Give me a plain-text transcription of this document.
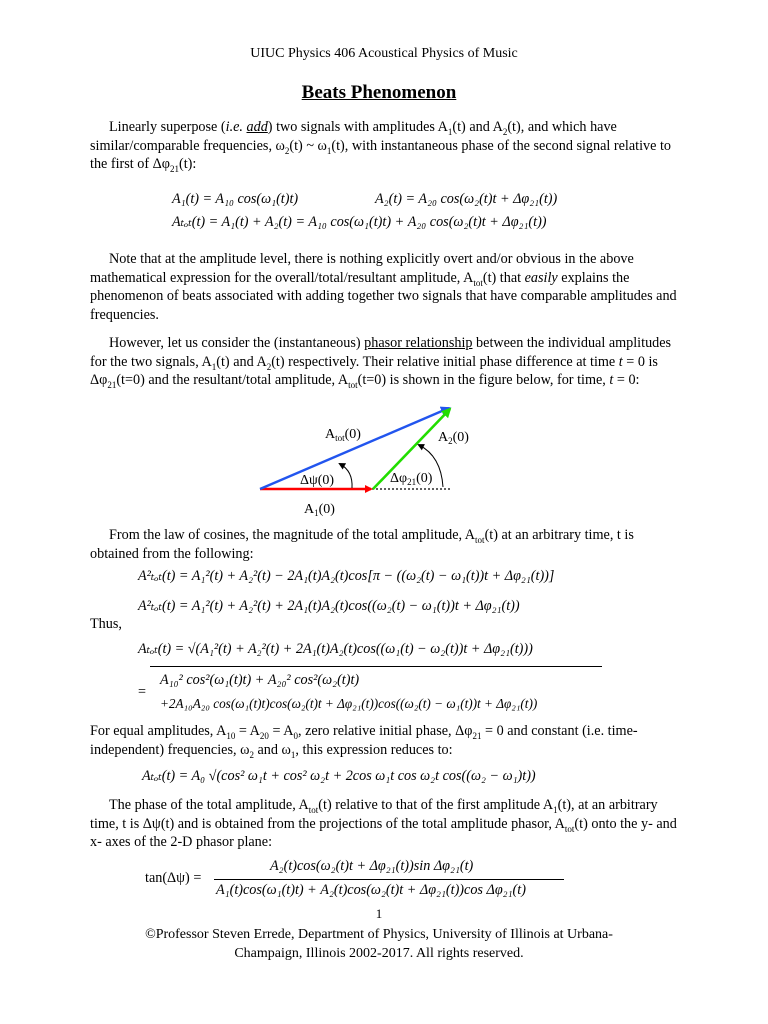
UIUC Physics 406 Acoustical Physics of Music
Beats Phenomenon
Linearly superpose (i.e. add) two signals with amplitudes $A_1(t)$ and $A_2(t)$, and which have similar/comparable frequencies, $\omega_2(t)$ ~ $\omega_1(t)$, with instantaneous phase of the second signal relative to the first of $\Delta\varphi_{21}(t)$:
A₁(t) = A₁₀ cos(ω₁(t)t)	A₂(t) = A₂₀ cos(ω₂(t)t + Δφ₂₁(t))
Aₜₒₜ(t) = A₁(t) + A₂(t) = A₁₀ cos(ω₁(t)t) + A₂₀ cos(ω₂(t)t + Δφ₂₁(t))
Note that at the amplitude level, there is nothing explicitly overt and/or obvious in the above mathematical expression for the overall/total/resultant amplitude, $A_{tot}(t)$ that easily explains the phenomenon of beats associated with adding together two signals that have comparable amplitudes and frequencies.
However, let us consider the (instantaneous) phasor relationship between the individual amplitudes for the two signals, $A_1(t)$ and $A_2(t)$ respectively. Their relative initial phase difference at time t = 0 is $\Delta\varphi_{21}(t=0)$ and the resultant/total amplitude, $A_{tot}(t=0)$ is shown in the figure below, for time, t = 0:
$A_{tot}(0)$	$A_2(0)$
Δψ(0)	$\Delta\varphi_{21}(0)$
$A_1(0)$
From the law of cosines, the magnitude of the total amplitude, $A_{tot}(t)$ at an arbitrary time, t is obtained from the following:
A²ₜₒₜ(t) = A₁²(t) + A₂²(t) − 2A₁(t)A₂(t)cos[π − ((ω₂(t) − ω₁(t))t + Δφ₂₁(t))]
A²ₜₒₜ(t) = A₁²(t) + A₂²(t) + 2A₁(t)A₂(t)cos((ω₂(t) − ω₁(t))t + Δφ₂₁(t))
Thus,
Aₜₒₜ(t) = √(A₁²(t) + A₂²(t) + 2A₁(t)A₂(t)cos((ω₁(t) − ω₂(t))t + Δφ₂₁(t)))
=
A₁₀² cos²(ω₁(t)t) + A₂₀² cos²(ω₂(t)t)
+2A₁₀A₂₀ cos(ω₁(t)t)cos(ω₂(t)t + Δφ₂₁(t))cos((ω₂(t) − ω₁(t))t + Δφ₂₁(t))
For equal amplitudes, $A_{10} = A_{20} = A_0$, zero relative initial phase, $\Delta\varphi_{21} = 0$ and constant (i.e. time-independent) frequencies, $\omega_2$ and $\omega_1$, this expression reduces to:
Aₜₒₜ(t) = A₀ √(cos² ω₁t + cos² ω₂t + 2cos ω₁t cos ω₂t cos((ω₂ − ω₁)t))
The phase of the total amplitude, $A_{tot}(t)$ relative to that of the first amplitude $A_1(t)$, at an arbitrary time, t is Δψ(t) and is obtained from the projections of the total amplitude phasor, $A_{tot}(t)$ onto the y- and x- axes of the 2-D phasor plane:
tan(Δψ) =
A₂(t)cos(ω₂(t)t + Δφ₂₁(t))sin Δφ₂₁(t)
A₁(t)cos(ω₁(t)t) + A₂(t)cos(ω₂(t)t + Δφ₂₁(t))cos Δφ₂₁(t)
1
©Professor Steven Errede, Department of Physics, University of Illinois at Urbana-
Champaign, Illinois 2002-2017. All rights reserved.
